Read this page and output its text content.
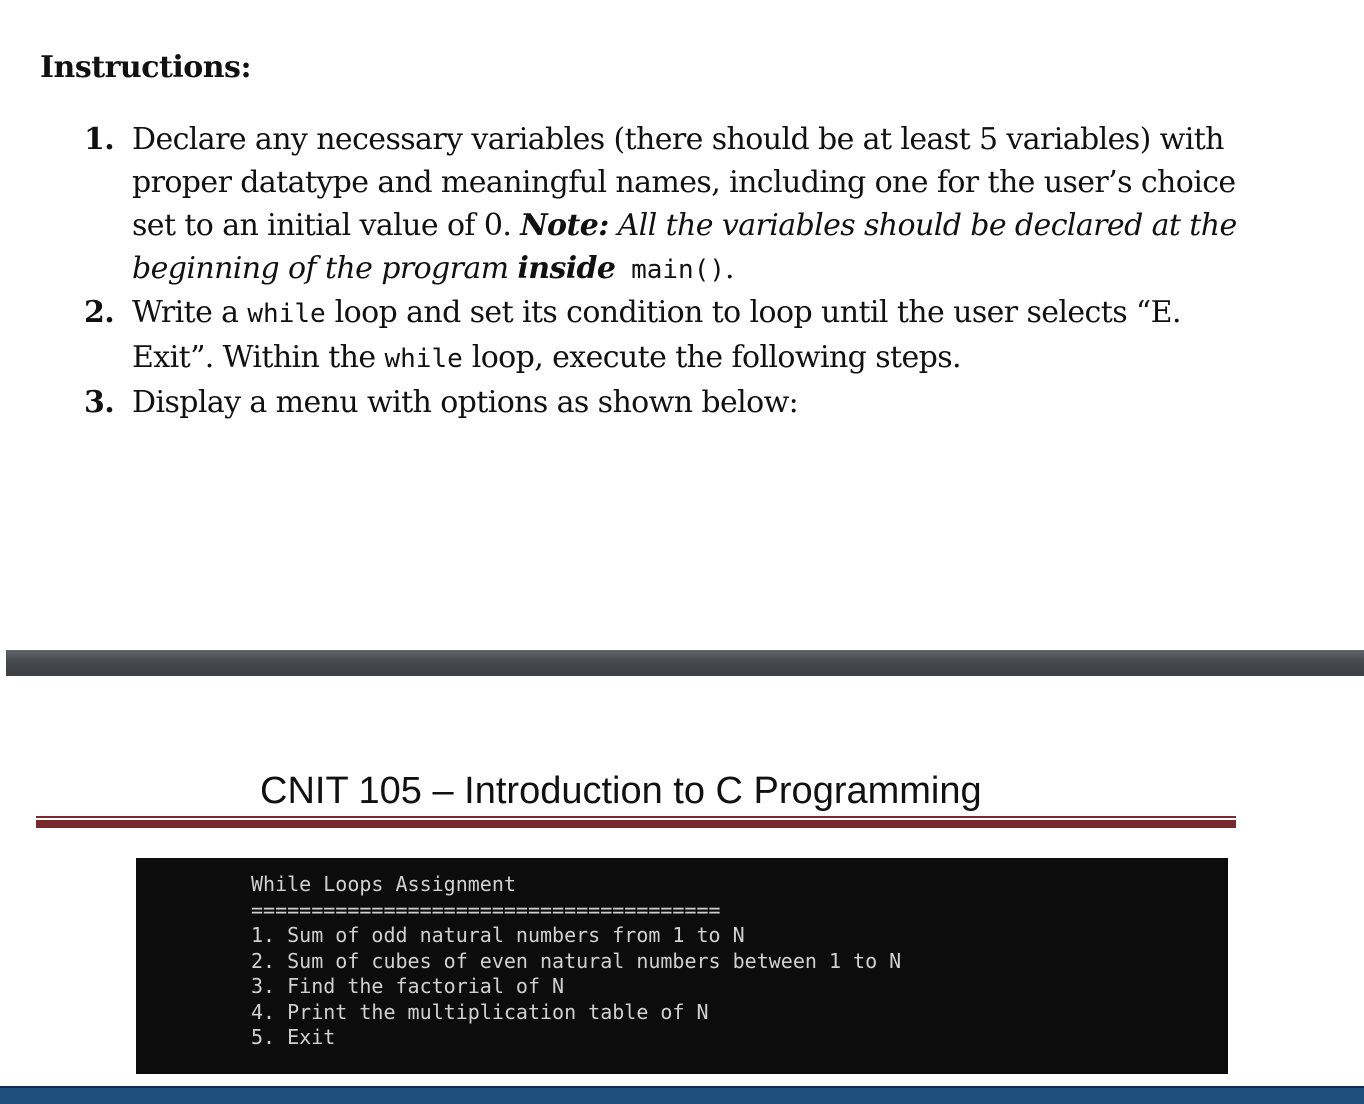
Instructions:
1. Declare any necessary variables (there should be at least 5 variables) with
proper datatype and meaningful names, including one for the user’s choice
set to an initial value of 0. Note: All the variables should be declared at the
beginning of the program inside main().
2. Write a while loop and set its condition to loop until the user selects “E.
Exit”. Within the while loop, execute the following steps.
3. Display a menu with options as shown below:
CNIT 105 – Introduction to C Programming
While Loops Assignment
=======================================
1. Sum of odd natural numbers from 1 to N
2. Sum of cubes of even natural numbers between 1 to N
3. Find the factorial of N
4. Print the multiplication table of N
5. Exit
